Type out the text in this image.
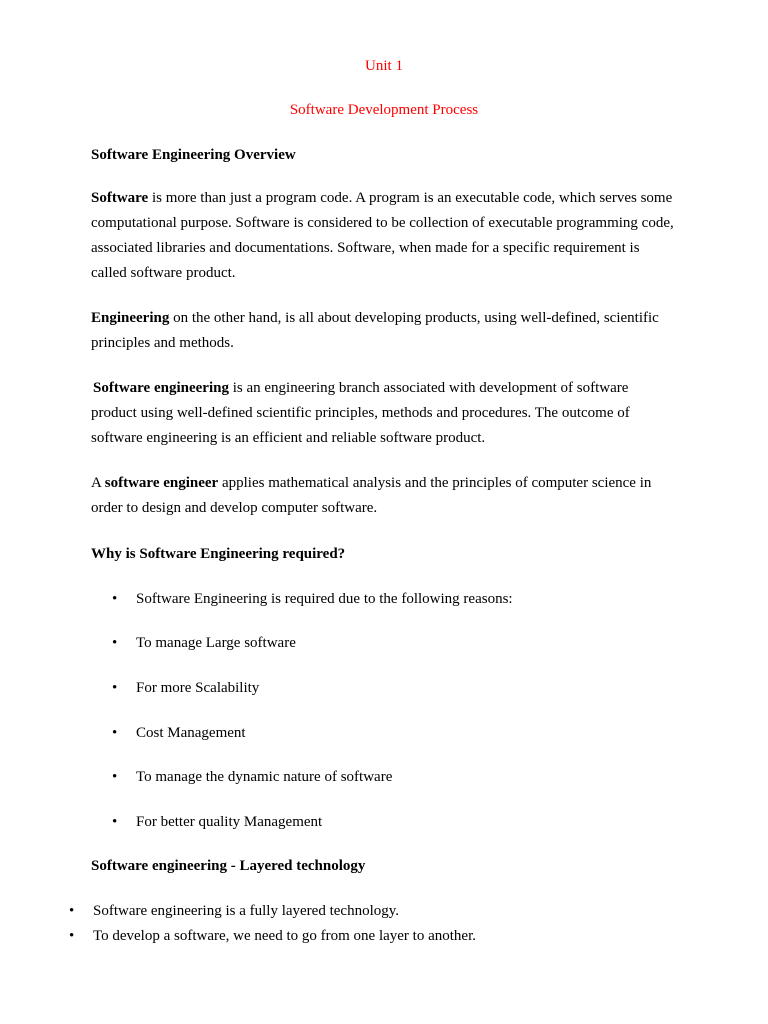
Unit 1
Software Development Process
Software Engineering Overview
Software is more than just a program code. A program is an executable code, which serves some
computational purpose. Software is considered to be collection of executable programming code,
associated libraries and documentations. Software, when made for a specific requirement is
called software product.
Engineering on the other hand, is all about developing products, using well-defined, scientific
principles and methods.
Software engineering is an engineering branch associated with development of software
product using well-defined scientific principles, methods and procedures. The outcome of
software engineering is an efficient and reliable software product.
A software engineer applies mathematical analysis and the principles of computer science in
order to design and develop computer software.
Why is Software Engineering required?
• Software Engineering is required due to the following reasons:
• To manage Large software
• For more Scalability
• Cost Management
• To manage the dynamic nature of software
• For better quality Management
Software engineering - Layered technology
• Software engineering is a fully layered technology.
• To develop a software, we need to go from one layer to another.
